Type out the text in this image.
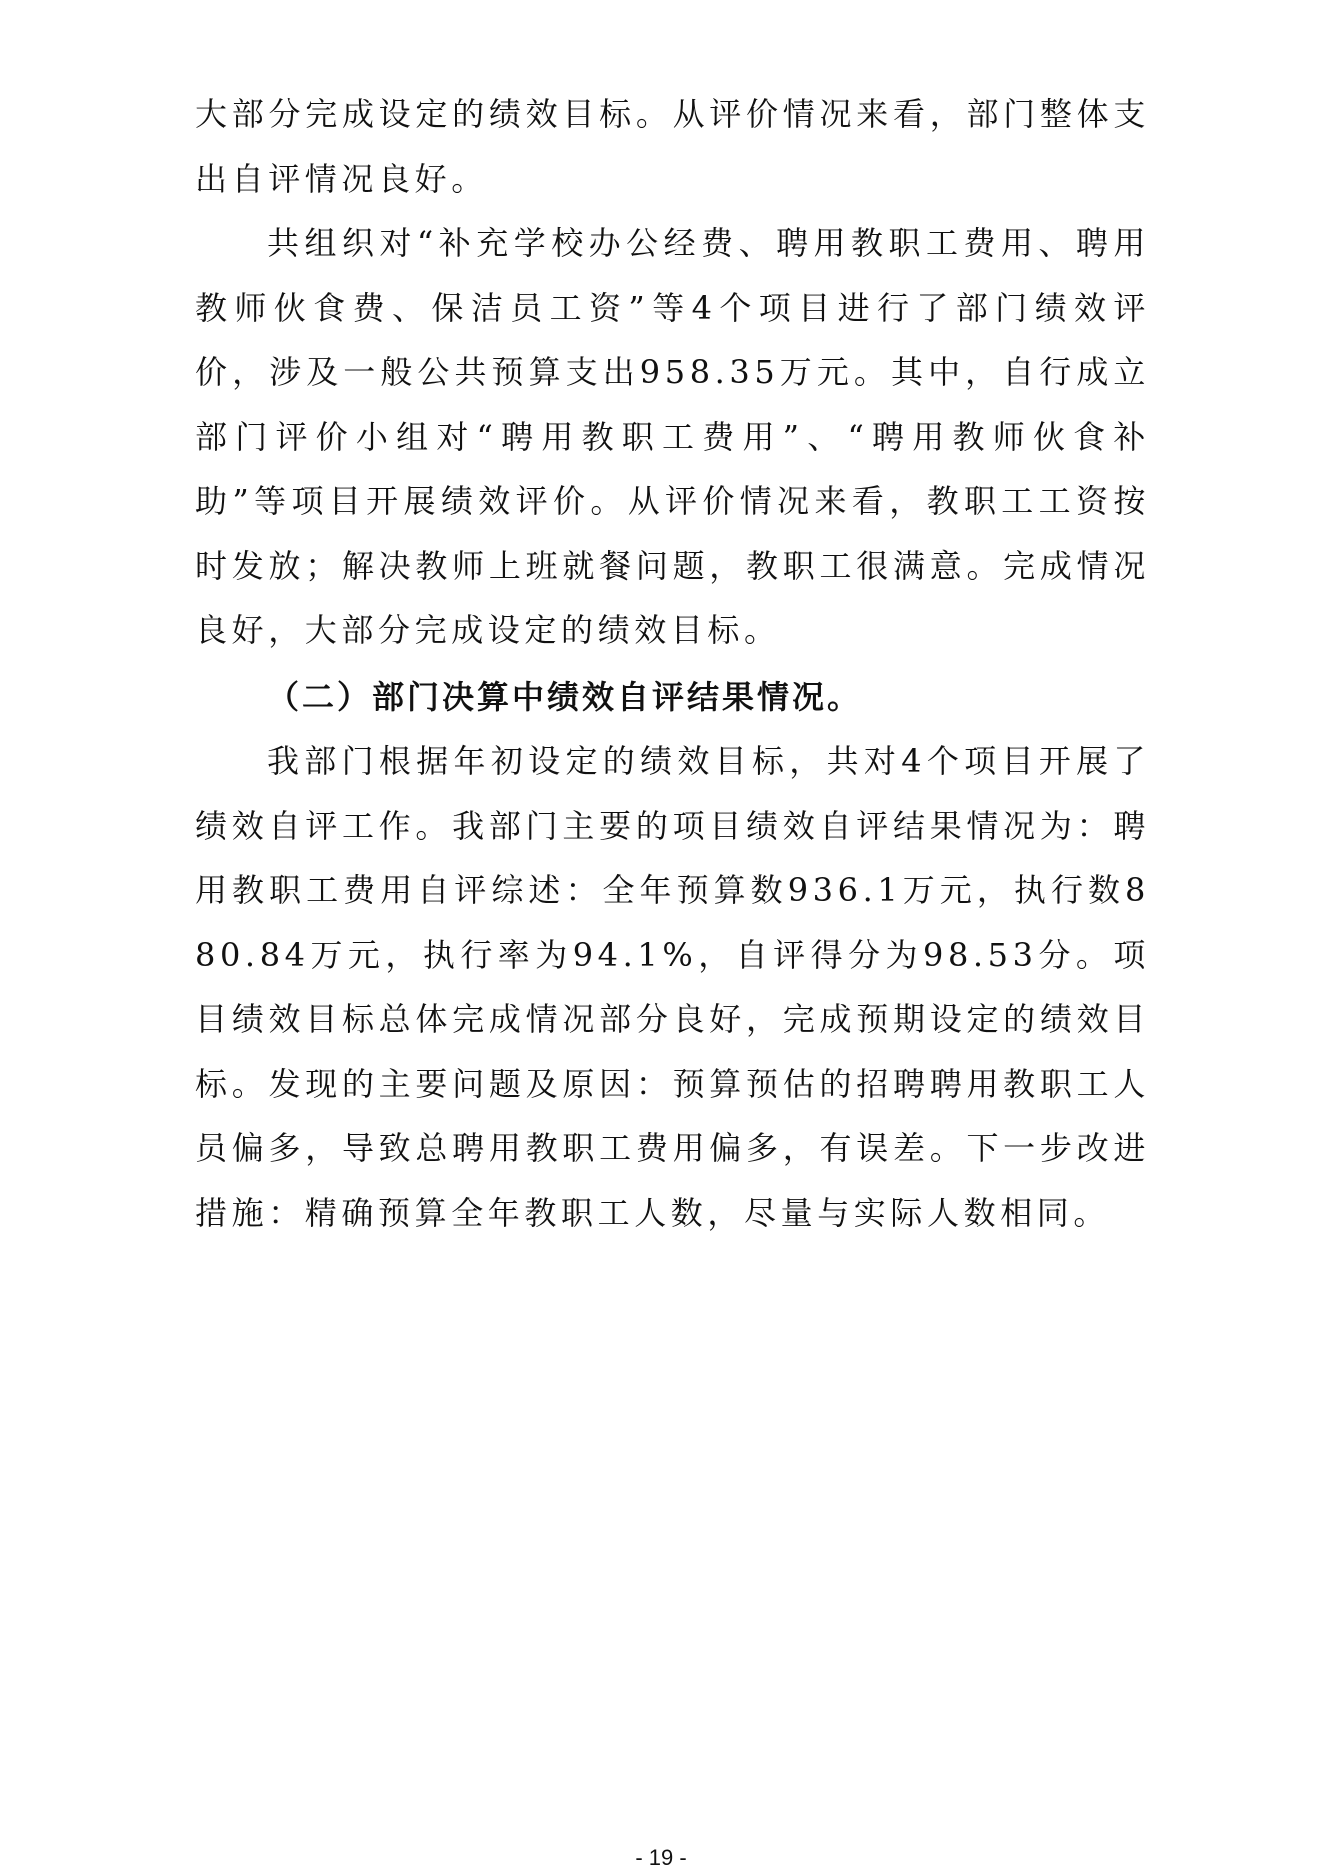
大部分完成设定的绩效目标。从评价情况来看，部门整体支出自评情况良好。

共组织对“补充学校办公经费、聘用教职工费用、聘用教师伙食费、保洁员工资”等4个项目进行了部门绩效评价，涉及一般公共预算支出958.35万元。其中，自行成立部门评价小组对“聘用教职工费用”、“聘用教师伙食补助”等项目开展绩效评价。从评价情况来看，教职工工资按时发放；解决教师上班就餐问题，教职工很满意。完成情况良好，大部分完成设定的绩效目标。

（二）部门决算中绩效自评结果情况。

我部门根据年初设定的绩效目标，共对4个项目开展了绩效自评工作。我部门主要的项目绩效自评结果情况为：聘用教职工费用自评综述：全年预算数936.1万元，执行数880.84万元，执行率为94.1%，自评得分为98.53分。项目绩效目标总体完成情况部分良好，完成预期设定的绩效目标。发现的主要问题及原因：预算预估的招聘聘用教职工人员偏多，导致总聘用教职工费用偏多，有误差。下一步改进措施：精确预算全年教职工人数，尽量与实际人数相同。

- 19 -
